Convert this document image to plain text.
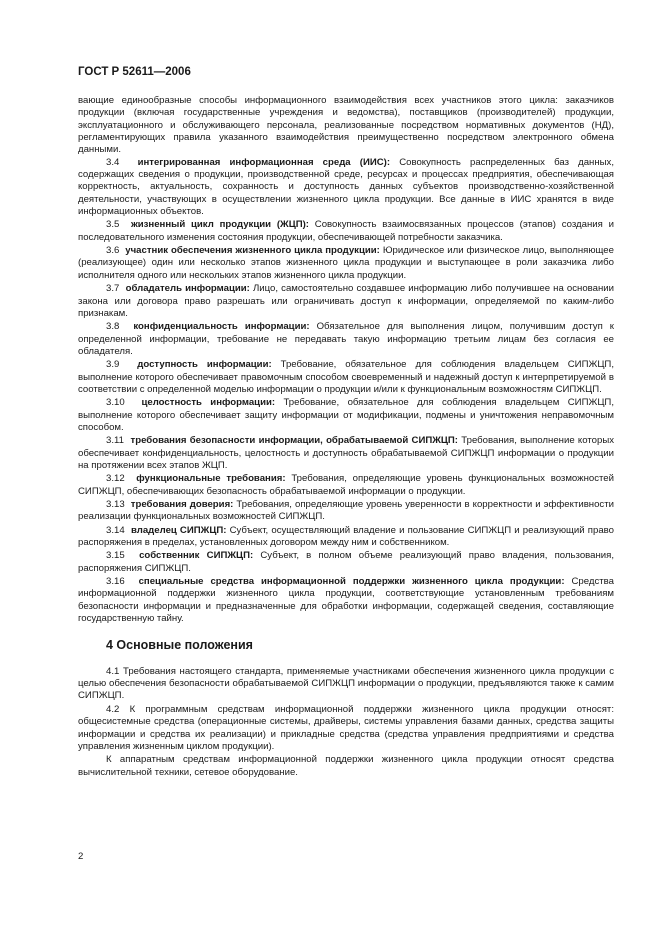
ГОСТ Р 52611—2006

вающие единообразные способы информационного взаимодействия всех участников этого цикла: заказчиков продукции (включая государственные учреждения и ведомства), поставщиков (производителей) продукции, эксплуатационного и обслуживающего персонала, реализованные посредством нормативных документов (НД), регламентирующих правила указанного взаимодействия преимущественно посредством электронного обмена данными.

3.4 интегрированная информационная среда (ИИС): Совокупность распределенных баз данных, содержащих сведения о продукции, производственной среде, ресурсах и процессах предприятия, обеспечивающая корректность, актуальность, сохранность и доступность данных субъектов производственно-хозяйственной деятельности, участвующих в осуществлении жизненного цикла продукции. Все данные в ИИС хранятся в виде информационных объектов.

3.5 жизненный цикл продукции (ЖЦП): Совокупность взаимосвязанных процессов (этапов) создания и последовательного изменения состояния продукции, обеспечивающей потребности заказчика.

3.6 участник обеспечения жизненного цикла продукции: Юридическое или физическое лицо, выполняющее (реализующее) один или несколько этапов жизненного цикла продукции и выступающее в роли заказчика либо исполнителя одного или нескольких этапов жизненного цикла продукции.

3.7 обладатель информации: Лицо, самостоятельно создавшее информацию либо получившее на основании закона или договора право разрешать или ограничивать доступ к информации, определяемой по каким-либо признакам.

3.8 конфиденциальность информации: Обязательное для выполнения лицом, получившим доступ к определенной информации, требование не передавать такую информацию третьим лицам без согласия ее обладателя.

3.9 доступность информации: Требование, обязательное для соблюдения владельцем СИПЖЦП, выполнение которого обеспечивает правомочным способом своевременный и надежный доступ к интерпретируемой в соответствии с определенной моделью информации о продукции и/или к функциональным возможностям СИПЖЦП.

3.10 целостность информации: Требование, обязательное для соблюдения владельцем СИПЖЦП, выполнение которого обеспечивает защиту информации от модификации, подмены и уничтожения неправомочным способом.

3.11 требования безопасности информации, обрабатываемой СИПЖЦП: Требования, выполнение которых обеспечивает конфиденциальность, целостность и доступность обрабатываемой СИПЖЦП информации о продукции на протяжении всех этапов ЖЦП.

3.12 функциональные требования: Требования, определяющие уровень функциональных возможностей СИПЖЦП, обеспечивающих безопасность обрабатываемой информации о продукции.

3.13 требования доверия: Требования, определяющие уровень уверенности в корректности и эффективности реализации функциональных возможностей СИПЖЦП.

3.14 владелец СИПЖЦП: Субъект, осуществляющий владение и пользование СИПЖЦП и реализующий право распоряжения в пределах, установленных договором между ним и собственником.

3.15 собственник СИПЖЦП: Субъект, в полном объеме реализующий право владения, пользования, распоряжения СИПЖЦП.

3.16 специальные средства информационной поддержки жизненного цикла продукции: Средства информационной поддержки жизненного цикла продукции, соответствующие установленным требованиям безопасности информации и предназначенные для обработки информации, содержащей сведения, составляющие государственную тайну.

4 Основные положения

4.1 Требования настоящего стандарта, применяемые участниками обеспечения жизненного цикла продукции с целью обеспечения безопасности обрабатываемой СИПЖЦП информации о продукции, предъявляются также к самим СИПЖЦП.

4.2 К программным средствам информационной поддержки жизненного цикла продукции относят: общесистемные средства (операционные системы, драйверы, системы управления базами данных, средства защиты информации и средства их реализации) и прикладные средства (средства управления предприятиями и средства управления жизненным циклом продукции).

К аппаратным средствам информационной поддержки жизненного цикла продукции относят средства вычислительной техники, сетевое оборудование.

2
